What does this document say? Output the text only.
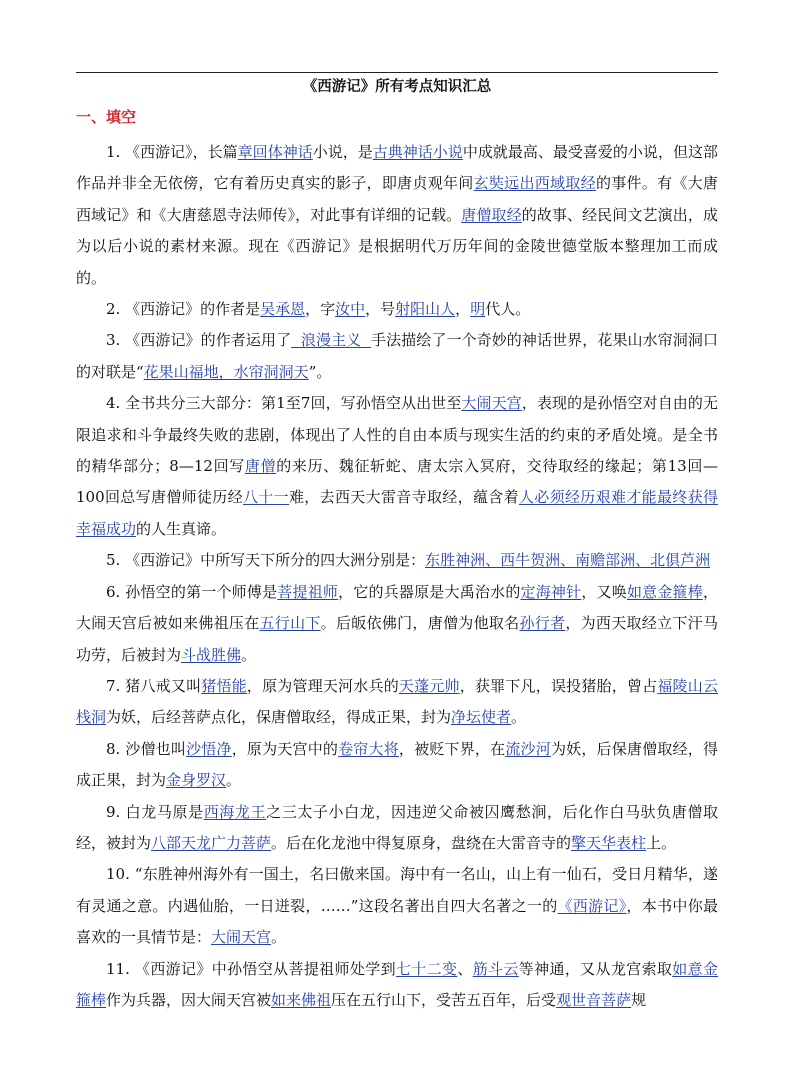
《西游记》所有考点知识汇总
一、填空

1. 《西游记》，长篇章回体神话小说，是古典神话小说中成就最高、最受喜爱的小说，但这部作品并非全无依傍，它有着历史真实的影子，即唐贞观年间玄奘远出西域取经的事件。有《大唐西域记》和《大唐慈恩寺法师传》，对此事有详细的记载。唐僧取经的故事、经民间文艺演出，成为以后小说的素材来源。现在《西游记》是根据明代万历年间的金陵世德堂版本整理加工而成的。

2. 《西游记》的作者是吴承恩，字汝中，号射阳山人，明代人。

3. 《西游记》的作者运用了  浪漫主义  手法描绘了一个奇妙的神话世界，花果山水帘洞洞口的对联是“花果山福地，水帘洞洞天”。

4. 全书共分三大部分：第1至7回，写孙悟空从出世至大闹天宫，表现的是孙悟空对自由的无限追求和斗争最终失败的悲剧，体现出了人性的自由本质与现实生活的约束的矛盾处境。是全书的精华部分；8—12回写唐僧的来历、魏征斩蛇、唐太宗入冥府，交待取经的缘起；第13回—100回总写唐僧师徒历经八十一难，去西天大雷音寺取经，蕴含着人必须经历艰难才能最终获得幸福成功的人生真谛。

5. 《西游记》中所写天下所分的四大洲分别是：东胜神洲、西牛贺洲、南赡部洲、北俱芦洲

6. 孙悟空的第一个师傅是菩提祖师，它的兵器原是大禹治水的定海神针，又唤如意金箍棒，大闹天宫后被如来佛祖压在五行山下。后皈依佛门，唐僧为他取名孙行者，为西天取经立下汗马功劳，后被封为斗战胜佛。

7. 猪八戒又叫猪悟能，原为管理天河水兵的天蓬元帅，获罪下凡，误投猪胎，曾占福陵山云栈洞为妖，后经菩萨点化，保唐僧取经，得成正果，封为净坛使者。

8. 沙僧也叫沙悟净，原为天宫中的卷帘大将，被贬下界，在流沙河为妖，后保唐僧取经，得成正果，封为金身罗汉。

9. 白龙马原是西海龙王之三太子小白龙，因违逆父命被囚鹰愁涧，后化作白马驮负唐僧取经，被封为八部天龙广力菩萨。后在化龙池中得复原身，盘绕在大雷音寺的擎天华表柱上。

10. “东胜神州海外有一国土，名曰傲来国。海中有一名山，山上有一仙石，受日月精华，遂有灵通之意。内遇仙胎，一日迸裂，……”这段名著出自四大名著之一的《西游记》，本书中你最喜欢的一具情节是：大闹天宫。

11. 《西游记》中孙悟空从菩提祖师处学到七十二变、筋斗云等神通，又从龙宫索取如意金箍棒作为兵器，因大闹天宫被如来佛祖压在五行山下，受苦五百年，后受观世音菩萨规
